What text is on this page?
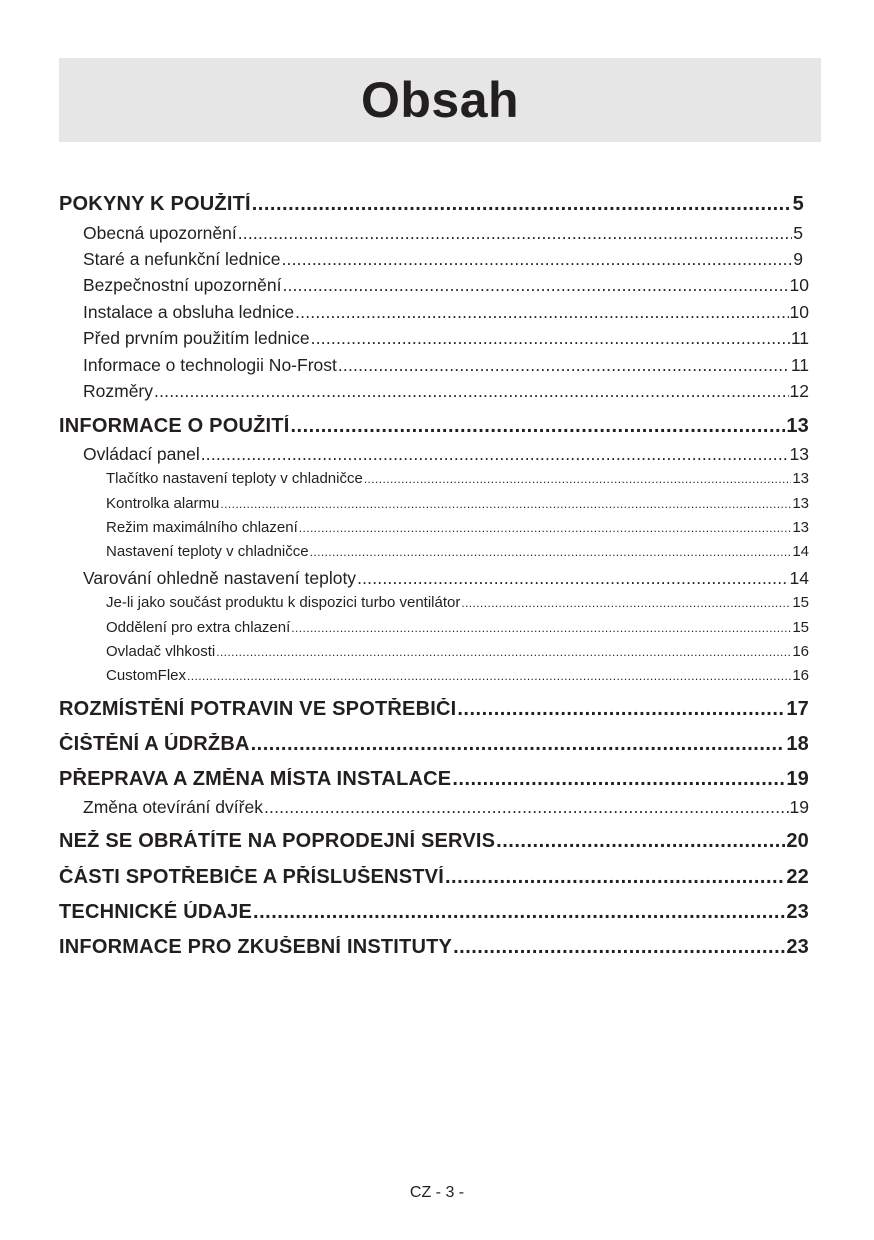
Obsah
POKYNY K POUŽITÍ .....	5
Obecná upozornění .....	5
Staré a nefunkční lednice .....	9
Bezpečnostní upozornění .....	10
Instalace a obsluha lednice .....	10
Před prvním použitím lednice .....	11
Informace o technologii No-Frost .....	11
Rozměry .....	12
INFORMACE O POUŽITÍ .....	13
Ovládací panel .....	13
Tlačítko nastavení teploty v chladničce .....	13
Kontrolka alarmu .....	13
Režim maximálního chlazení .....	13
Nastavení teploty v chladničce .....	14
Varování ohledně nastavení teploty .....	14
Je-li jako součást produktu k dispozici turbo ventilátor .....	15
Oddělení pro extra chlazení .....	15
Ovladač vlhkosti .....	16
CustomFlex .....	16
ROZMÍSTĚNÍ POTRAVIN VE SPOTŘEBIČI .....	17
ČIŠTĚNÍ A ÚDRŽBA .....	18
PŘEPRAVA A ZMĚNA MÍSTA INSTALACE .....	19
Změna otevírání dvířek .....	19
NEŽ SE OBRÁTÍTE NA POPRODEJNÍ SERVIS .....	20
ČÁSTI SPOTŘEBIČE A PŘÍSLUŠENSTVÍ .....	22
TECHNICKÉ ÚDAJE .....	23
INFORMACE PRO ZKUŠEBNÍ INSTITUTY .....	23
CZ - 3 -
